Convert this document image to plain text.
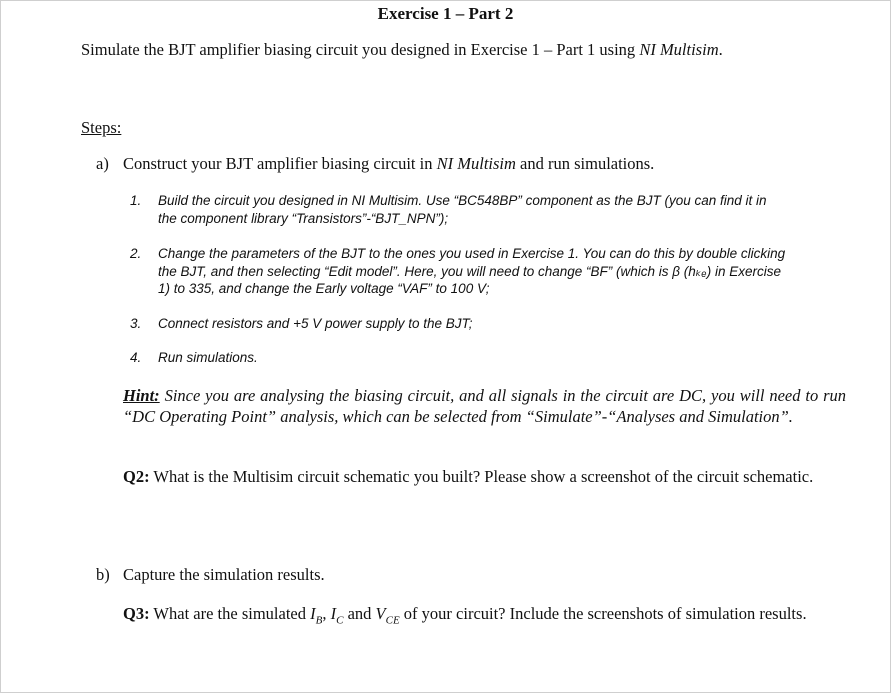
Exercise 1 – Part 2
Simulate the BJT amplifier biasing circuit you designed in Exercise 1 – Part 1 using NI Multisim.
Steps:
a) Construct your BJT amplifier biasing circuit in NI Multisim and run simulations.
1. Build the circuit you designed in NI Multisim. Use “BC548BP” component as the BJT (you can find it in
the component library “Transistors”-“BJT_NPN”);
2. Change the parameters of the BJT to the ones you used in Exercise 1. You can do this by double clicking
the BJT, and then selecting “Edit model”. Here, you will need to change “BF” (which is β (hₖₑ) in Exercise
1) to 335, and change the Early voltage “VAF” to 100 V;
3. Connect resistors and +5 V power supply to the BJT;
4. Run simulations.
Hint: Since you are analysing the biasing circuit, and all signals in the circuit are DC, you will need to run “DC Operating Point” analysis, which can be selected from “Simulate”-“Analyses and Simulation”.
Q2: What is the Multisim circuit schematic you built? Please show a screenshot of the circuit schematic.
b) Capture the simulation results.
Q3: What are the simulated $I_B$, $I_C$ and $V_{CE}$ of your circuit? Include the screenshots of simulation results.
